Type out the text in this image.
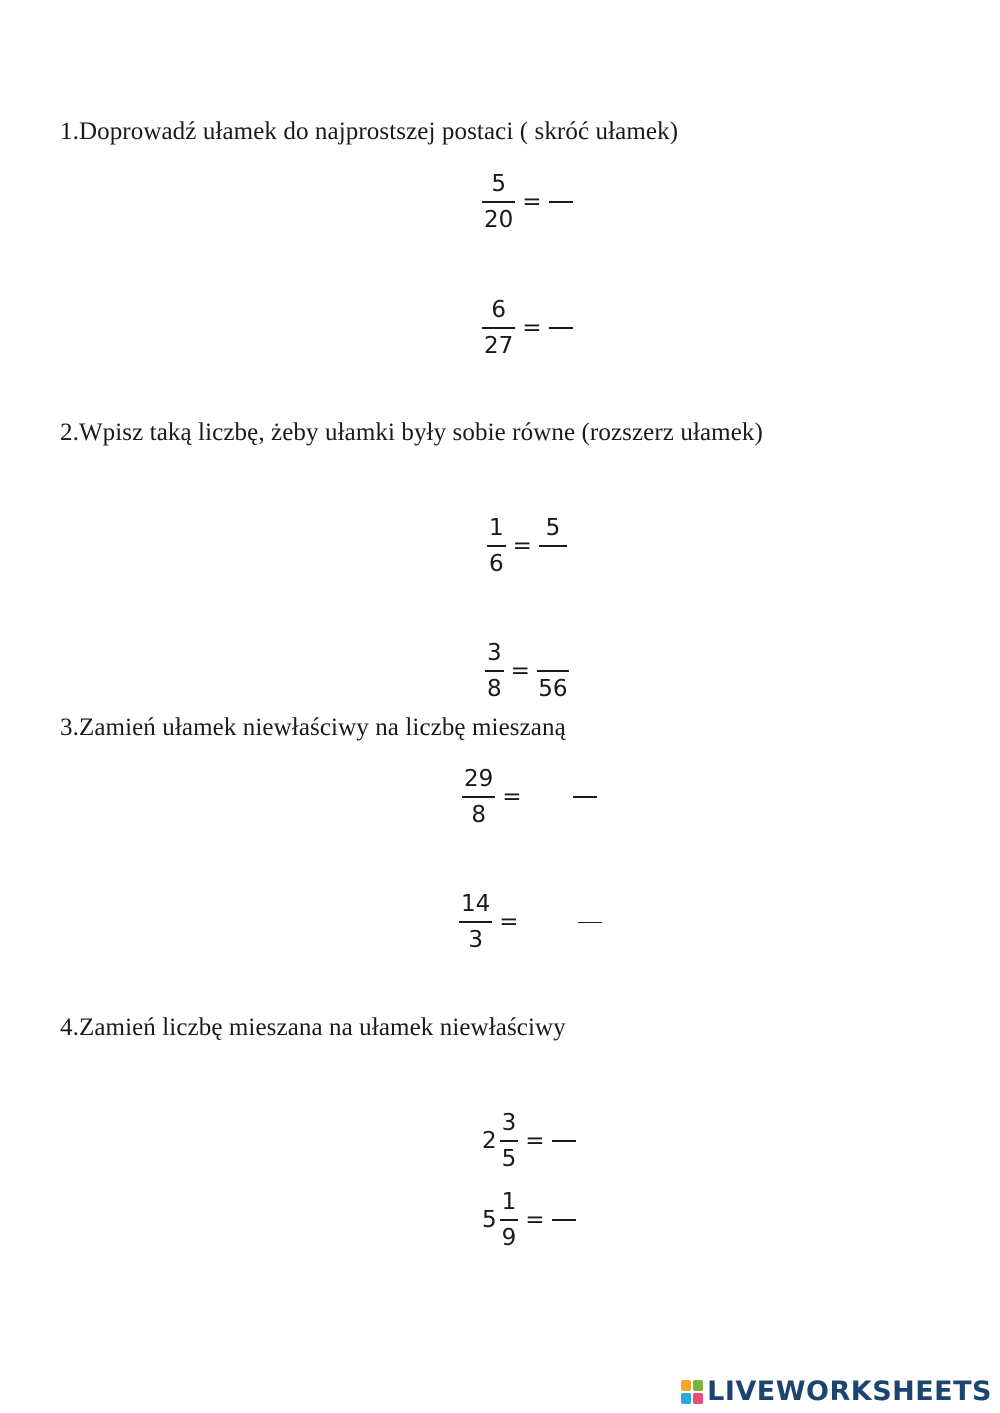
1.Doprowadź ułamek do najprostszej postaci ( skróć ułamek)
$\frac{5}{20}$ =
$\frac{6}{27}$ =
2.Wpisz taką liczbę, żeby ułamki były sobie równe (rozszerz ułamek)
$\frac{1}{6}$ =
5
$\frac{3}{8}$ =
56
3.Zamień ułamek niewłaściwy na liczbę mieszaną
$\frac{29}{8}$ =
$\frac{14}{3}$ =
4.Zamień liczbę mieszana na ułamek niewłaściwy
$2 \frac{3}{5}$ =
$5 \frac{1}{9}$ =
LIVEWORKSHEETS
